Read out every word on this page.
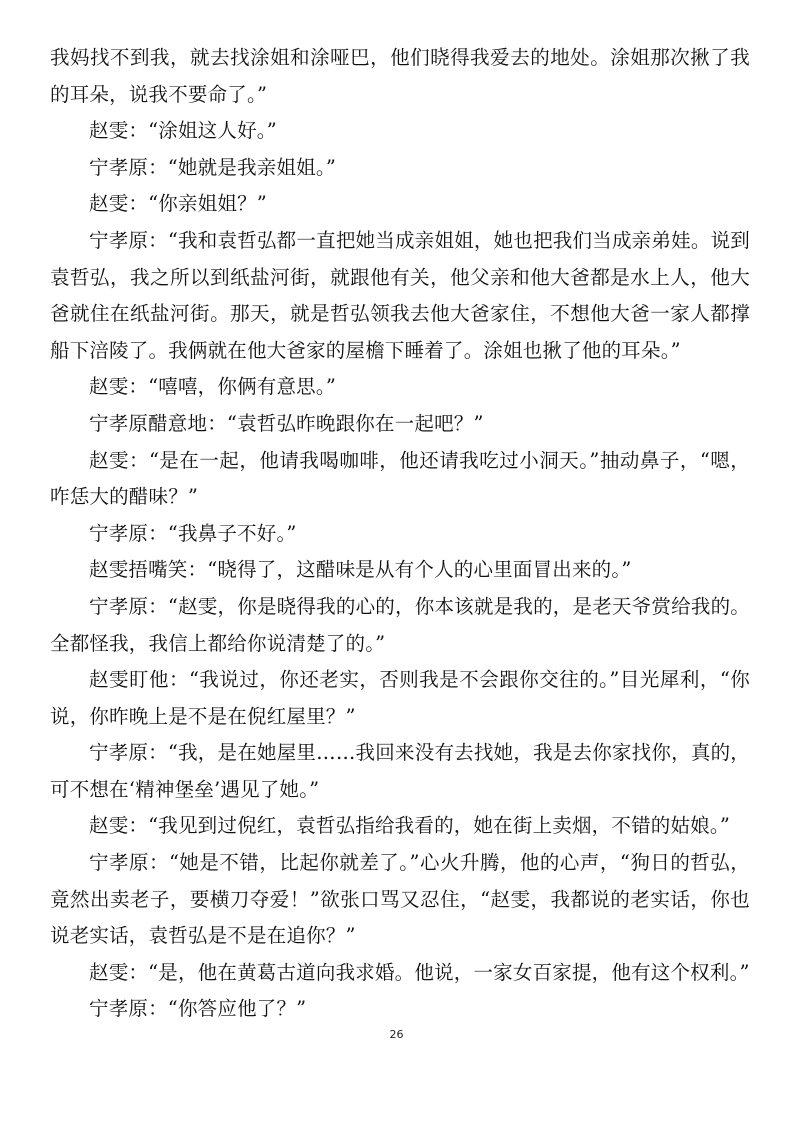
我妈找不到我，就去找涂姐和涂哑巴，他们晓得我爱去的地处。涂姐那次揪了我的耳朵，说我不要命了。”

赵雯：“涂姐这人好。”

宁孝原：“她就是我亲姐姐。”

赵雯：“你亲姐姐？”

宁孝原：“我和袁哲弘都一直把她当成亲姐姐，她也把我们当成亲弟娃。说到袁哲弘，我之所以到纸盐河街，就跟他有关，他父亲和他大爸都是水上人，他大爸就住在纸盐河街。那天，就是哲弘领我去他大爸家住，不想他大爸一家人都撑船下涪陵了。我俩就在他大爸家的屋檐下睡着了。涂姐也揪了他的耳朵。”

赵雯：“嘻嘻，你俩有意思。”

宁孝原醋意地：“袁哲弘昨晚跟你在一起吧？”

赵雯：“是在一起，他请我喝咖啡，他还请我吃过小洞天。”抽动鼻子，“嗯，咋恁大的醋味？”

宁孝原：“我鼻子不好。”

赵雯捂嘴笑：“晓得了，这醋味是从有个人的心里面冒出来的。”

宁孝原：“赵雯，你是晓得我的心的，你本该就是我的，是老天爷赏给我的。全都怪我，我信上都给你说清楚了的。”

赵雯盯他：“我说过，你还老实，否则我是不会跟你交往的。”目光犀利，“你说，你昨晚上是不是在倪红屋里？”

宁孝原：“我，是在她屋里……我回来没有去找她，我是去你家找你，真的，可不想在‘精神堡垒’遇见了她。”

赵雯：“我见到过倪红，袁哲弘指给我看的，她在街上卖烟，不错的姑娘。”

宁孝原：“她是不错，比起你就差了。”心火升腾，他的心声，“狗日的哲弘，竟然出卖老子，要横刀夺爱！”欲张口骂又忍住，“赵雯，我都说的老实话，你也说老实话，袁哲弘是不是在追你？”

赵雯：“是，他在黄葛古道向我求婚。他说，一家女百家提，他有这个权利。”

宁孝原：“你答应他了？”

26
